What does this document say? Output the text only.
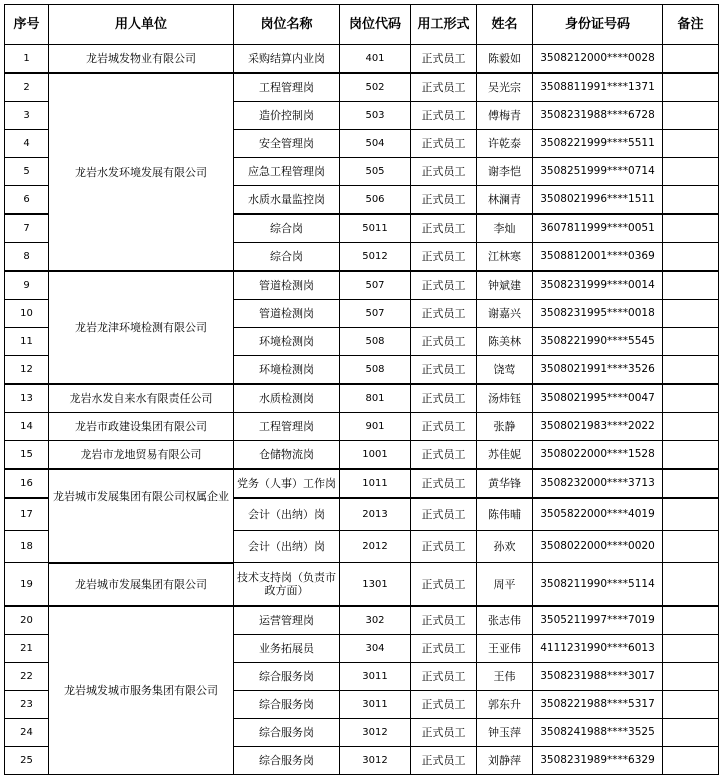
序号	用人单位	岗位名称	岗位代码	用工形式	姓名	身份证号码	备注
1	龙岩城发物业有限公司	采购结算内业岗	401	正式员工	陈毅如	3508212000****0028	
2	龙岩水发环境发展有限公司	工程管理岗	502	正式员工	吴光宗	3508811991****1371	
3		造价控制岗	503	正式员工	傅梅青	3508231988****6728	
4		安全管理岗	504	正式员工	许乾泰	3508221999****5511	
5		应急工程管理岗	505	正式员工	谢李恺	3508251999****0714	
6		水质水量监控岗	506	正式员工	林澜青	3508021996****1511	
7		综合岗	5011	正式员工	李灿	3607811999****0051	
8		综合岗	5012	正式员工	江林寒	3508812001****0369	
9	龙岩龙津环境检测有限公司	管道检测岗	507	正式员工	钟斌建	3508231999****0014	
10		管道检测岗	507	正式员工	谢嘉兴	3508231995****0018	
11		环境检测岗	508	正式员工	陈美林	3508221990****5545	
12		环境检测岗	508	正式员工	饶莺	3508021991****3526	
13	龙岩水发自来水有限责任公司	水质检测岗	801	正式员工	汤炜钰	3508021995****0047	
14	龙岩市政建设集团有限公司	工程管理岗	901	正式员工	张静	3508021983****2022	
15	龙岩市龙地贸易有限公司	仓储物流岗	1001	正式员工	苏佳妮	3508022000****1528	
16	龙岩城市发展集团有限公司权属企业	党务（人事）工作岗	1011	正式员工	黄华锋	3508232000****3713	
17		会计（出纳）岗	2013	正式员工	陈伟晡	3505822000****4019	
18		会计（出纳）岗	2012	正式员工	孙欢	3508022000****0020	
19	龙岩城市发展集团有限公司	技术支持岗（负责市政方面）	1301	正式员工	周平	3508211990****5114	
20	龙岩城发城市服务集团有限公司	运营管理岗	302	正式员工	张志伟	3505211997****7019	
21		业务拓展员	304	正式员工	王亚伟	4111231990****6013	
22		综合服务岗	3011	正式员工	王伟	3508231988****3017	
23		综合服务岗	3011	正式员工	郭东升	3508221988****5317	
24		综合服务岗	3012	正式员工	钟玉萍	3508241988****3525	
25		综合服务岗	3012	正式员工	刘静萍	3508231989****6329	
